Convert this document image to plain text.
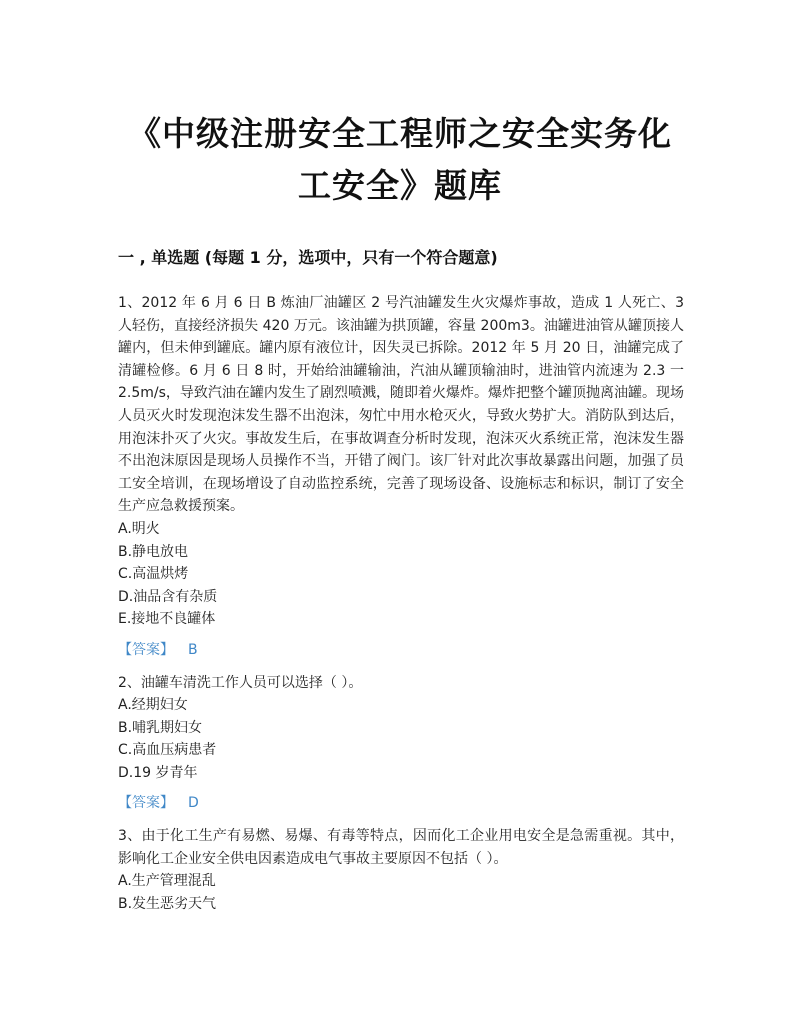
《中级注册安全工程师之安全实务化
工安全》题库
一 , 单选题 (每题 1 分，选项中，只有一个符合题意)

1、2012 年 6 月 6 日 B 炼油厂油罐区 2 号汽油罐发生火灾爆炸事故，造成 1 人死亡、3 人轻伤，直接经济损失 420 万元。该油罐为拱顶罐，容量 200m3。油罐进油管从罐顶接人罐内，但未伸到罐底。罐内原有液位计，因失灵已拆除。2012 年 5 月 20 日，油罐完成了清罐检修。6 月 6 日 8 时，开始给油罐输油，汽油从罐顶输油时，进油管内流速为 2.3 一 2.5m/s，导致汽油在罐内发生了剧烈喷溅，随即着火爆炸。爆炸把整个罐顶抛离油罐。现场人员灭火时发现泡沫发生器不出泡沫，匆忙中用水枪灭火，导致火势扩大。消防队到达后，用泡沫扑灭了火灾。事故发生后，在事故调查分析时发现，泡沫灭火系统正常，泡沫发生器不出泡沫原因是现场人员操作不当，开错了阀门。该厂针对此次事故暴露出问题，加强了员工安全培训，在现场增设了自动监控系统，完善了现场设备、设施标志和标识，制订了安全生产应急救援预案。

A.明火

B.静电放电

C.高温烘烤

D.油品含有杂质

E.接地不良罐体

【答案】 B

2、油罐车清洗工作人员可以选择（ ）。

A.经期妇女

B.哺乳期妇女

C.高血压病患者

D.19 岁青年

【答案】 D

3、由于化工生产有易燃、易爆、有毒等特点，因而化工企业用电安全是急需重视。其中，影响化工企业安全供电因素造成电气事故主要原因不包括（ ）。

A.生产管理混乱

B.发生恶劣天气
